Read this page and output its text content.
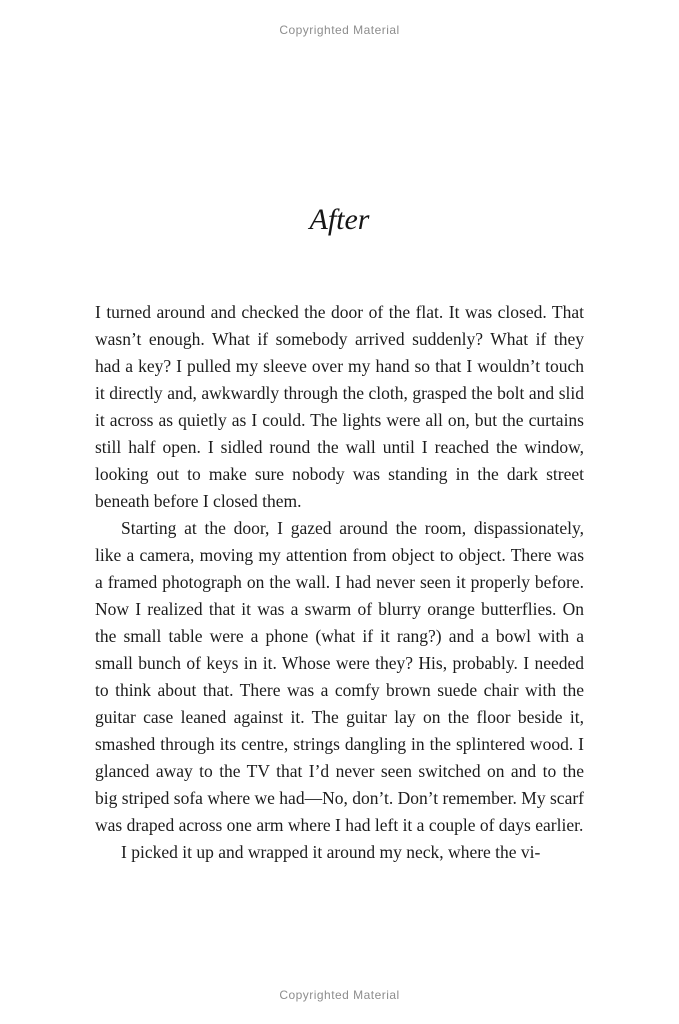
Copyrighted Material
After

I turned around and checked the door of the flat. It was closed. That wasn’t enough. What if somebody arrived suddenly? What if they had a key? I pulled my sleeve over my hand so that I wouldn’t touch it directly and, awkwardly through the cloth, grasped the bolt and slid it across as quietly as I could. The lights were all on, but the curtains still half open. I sidled round the wall until I reached the window, looking out to make sure nobody was standing in the dark street beneath before I closed them.

Starting at the door, I gazed around the room, dispassionately, like a camera, moving my attention from object to object. There was a framed photograph on the wall. I had never seen it properly before. Now I realized that it was a swarm of blurry orange butterflies. On the small table were a phone (what if it rang?) and a bowl with a small bunch of keys in it. Whose were they? His, probably. I needed to think about that. There was a comfy brown suede chair with the guitar case leaned against it. The guitar lay on the floor beside it, smashed through its centre, strings dangling in the splintered wood. I glanced away to the TV that I’d never seen switched on and to the big striped sofa where we had—No, don’t. Don’t remember. My scarf was draped across one arm where I had left it a couple of days earlier.

I picked it up and wrapped it around my neck, where the vi-

Copyrighted Material
